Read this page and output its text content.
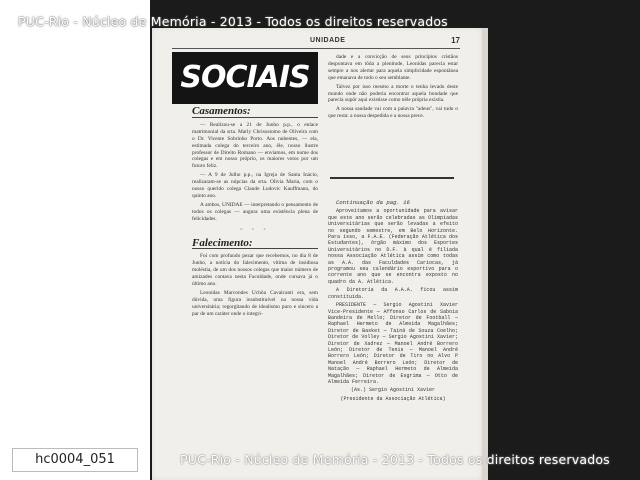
PUC-Rio - Núcleo de Memória - 2013 - Todos os direitos reservados
UNIDADE	17
SOCIAIS

Casamentos:

— Realizou-se a 21 de Junho p.p., o enlace matrimonial da srta. Marly Chrisostomo de Oliveira com o Dr. Vicente Sobrinho Porto. Aos nubentes, — ela, estimada colega do terceiro ano, êle, nosso ilustre professor de Direito Romano — enviamos, em nome dos colegas e em nosso próprio, os maiores votos por um futuro feliz.

— A 9 de Julho p.p., na Igreja de Santa Inácio, realizaram-se as núpcias da srta. Olivia Maria, com o nosso querido colega Claude Ludovic Kauffmann, do quinto ano.

A ambos, UNIDAE — interpretando o pensamento de todos os colegas — augura uma existência plena de felicidades.

◦ ◦ ◦

Falecimento:

Foi com profundo pezar que recebemos, no dia 8 de Junho, a notícia do falecimento, vítima de insidiosa moléstia, de um dos nossos colegas que maior número de amizades contava nesta Faculdade, onde cursava já o último ano.

Leonidas Marcondes Uchôa Cavalcanti era, sem dúvida, uma figura insubstituível na nossa vida universitária; regorgitando de idealismo puro e sincero a par de um caráter onde o integri-

dade e a convicção de seus princípios cristãos despontava em tôda a plenitude, Leonidas parecia estar sempre a nos alertar para aquela simplicidade espontânea que emanava de todo o seu semblante.

Talvez por isso mesmo a morte o tenha levado deste mundo onde não poderia encontrar aquela bondade que parecia supôr aqui existisse como nêle própria existia.

A nossa saudade vai com a palavra "adeus", vai tudo o que resta: a nossa despedida e a nossa prece.

Continuação da pag. 16

Aproveitamos a oportunidade para avisar que este ano serão celebradas as Olimpíadas Universitárias que serão levadas a efeito no segundo semestre, em Belo Horizonte. Para isso, a F.A.E. (Federação Atlética dos Estudantes), órgão máximo dos Esportes Universitários no D.F. à qual é filiada nossa Associação Atlética assim como todas as A.A. das Faculdades Cariocas, já programou seu calendário esportivo para o corrente ano que se encontra exposto no quadro da A. Atlética.

A Diretoria da A.A.A. ficou assim constituida.

PRESIDENTE — Sergio Agostini Xavier Vice-Presidente — Affonso Carlos de Saboia Bandeira de Mello; Diretor de Football — Raphael Hermeto de Almeida Magalhães; Diretor de Basket — Tainá de Souza Coelho; Diretor de Volley — Sergio Agostini Xavier; Diretor de Xadrez — Manoel André Borrero León; Diretor de Tenis — Manoel André Borrero León; Diretor de Tiro no Alvo P Manoel André Borrero León; Diretor de Natação — Raphael Hermeto de Almeida Magalhães; Diretor de Esgrima — Otto de Almeida Ferreira.

(As.) Sergio Agostini Xavier

(Presidente da Associação Atlética)

hc0004_051	PUC-Rio - Núcleo de Memória - 2013 - Todos os direitos reservados
